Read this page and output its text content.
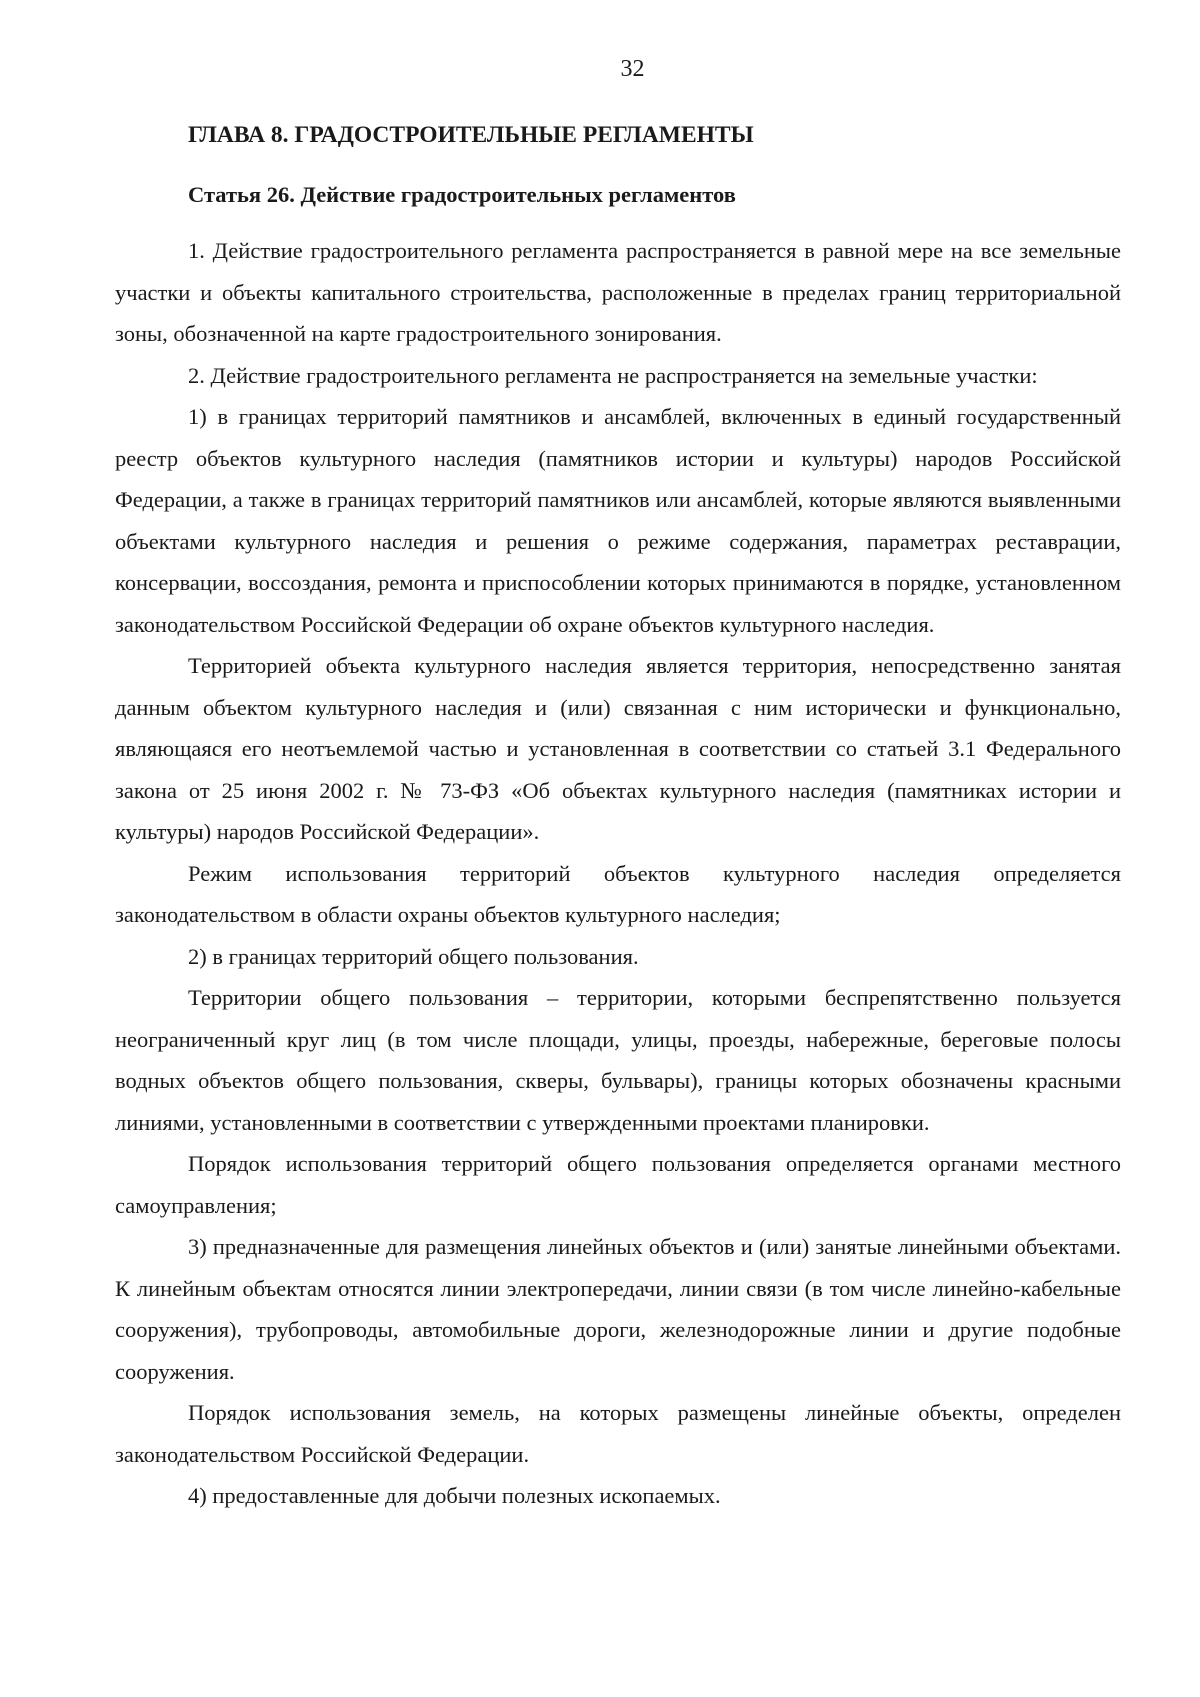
32
ГЛАВА 8. ГРАДОСТРОИТЕЛЬНЫЕ РЕГЛАМЕНТЫ
Статья 26. Действие градостроительных регламентов

1. Действие градостроительного регламента распространяется в равной мере на все земельные участки и объекты капитального строительства, расположенные в пределах границ территориальной зоны, обозначенной на карте градостроительного зонирования.

2. Действие градостроительного регламента не распространяется на земельные участки:

1) в границах территорий памятников и ансамблей, включенных в единый государственный реестр объектов культурного наследия (памятников истории и культуры) народов Российской Федерации, а также в границах территорий памятников или ансамблей, которые являются выявленными объектами культурного наследия и решения о режиме содержания, параметрах реставрации, консервации, воссоздания, ремонта и приспособлении которых принимаются в порядке, установленном законодательством Российской Федерации об охране объектов культурного наследия.

Территорией объекта культурного наследия является территория, непосредственно занятая данным объектом культурного наследия и (или) связанная с ним исторически и функционально, являющаяся его неотъемлемой частью и установленная в соответствии со статьей 3.1 Федерального закона от 25 июня 2002 г. № 73-ФЗ «Об объектах культурного наследия (памятниках истории и культуры) народов Российской Федерации».

Режим использования территорий объектов культурного наследия определяется законодательством в области охраны объектов культурного наследия;

2) в границах территорий общего пользования.

Территории общего пользования – территории, которыми беспрепятственно пользуется неограниченный круг лиц (в том числе площади, улицы, проезды, набережные, береговые полосы водных объектов общего пользования, скверы, бульвары), границы которых обозначены красными линиями, установленными в соответствии с утвержденными проектами планировки.

Порядок использования территорий общего пользования определяется органами местного самоуправления;

3) предназначенные для размещения линейных объектов и (или) занятые линейными объектами. К линейным объектам относятся линии электропередачи, линии связи (в том числе линейно-кабельные сооружения), трубопроводы, автомобильные дороги, железнодорожные линии и другие подобные сооружения.

Порядок использования земель, на которых размещены линейные объекты, определен законодательством Российской Федерации.

4) предоставленные для добычи полезных ископаемых.
